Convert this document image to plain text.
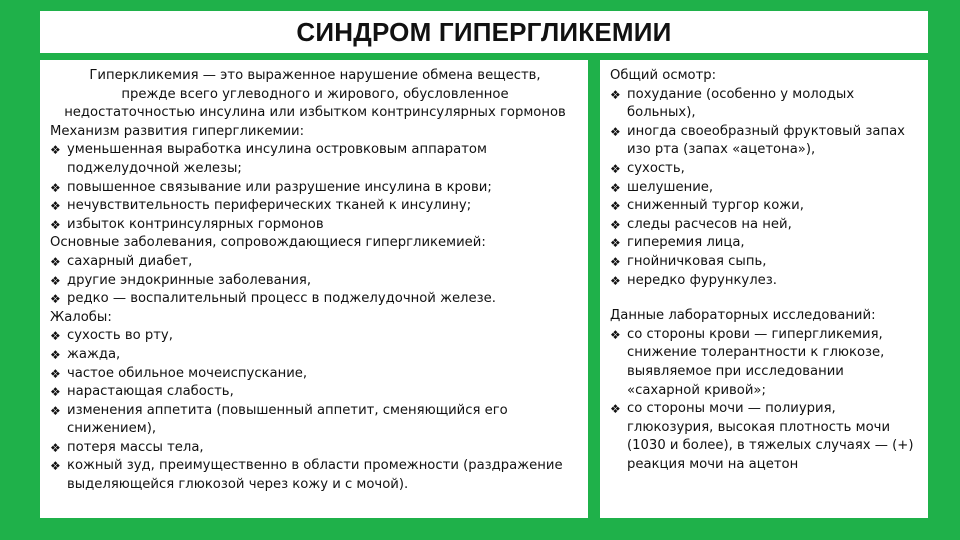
СИНДРОМ ГИПЕРГЛИКЕМИИ
Гиперкликемия — это выраженное нарушение обмена веществ, прежде всего углеводного и жирового, обусловленное недостаточностью инсулина или избытком контринсулярных гормонов
Механизм развития гипергликемии:
❖ уменьшенная выработка инсулина островковым аппаратом поджелудочной железы;
❖ повышенное связывание или разрушение инсулина в крови;
❖ нечувствительность периферических тканей к инсулину;
❖ избыток контринсулярных гормонов
Основные заболевания, сопровождающиеся гипергликемией:
❖ сахарный диабет,
❖ другие эндокринные заболевания,
❖ редко — воспалительный процесс в поджелудочной железе.
Жалобы:
❖ сухость во рту,
❖ жажда,
❖ частое обильное мочеиспускание,
❖ нарастающая слабость,
❖ изменения аппетита (повышенный аппетит, сменяющийся его снижением),
❖ потеря массы тела,
❖ кожный зуд, преимущественно в области промежности (раздражение выделяющейся глюкозой через кожу и с мочой).
Общий осмотр:
❖ похудание (особенно у молодых больных),
❖ иногда своеобразный фруктовый запах изо рта (запах «ацетона»),
❖ сухость,
❖ шелушение,
❖ сниженный тургор кожи,
❖ следы расчесов на ней,
❖ гиперемия лица,
❖ гнойничковая сыпь,
❖ нередко фурункулез.
Данные лабораторных исследований:
❖ со стороны крови — гипергликемия, снижение толерантности к глюкозе, выявляемое при исследовании «сахарной кривой»;
❖ со стороны мочи — полиурия, глюкозурия, высокая плотность мочи (1030 и более), в тяжелых случаях — (+) реакция мочи на ацетон
